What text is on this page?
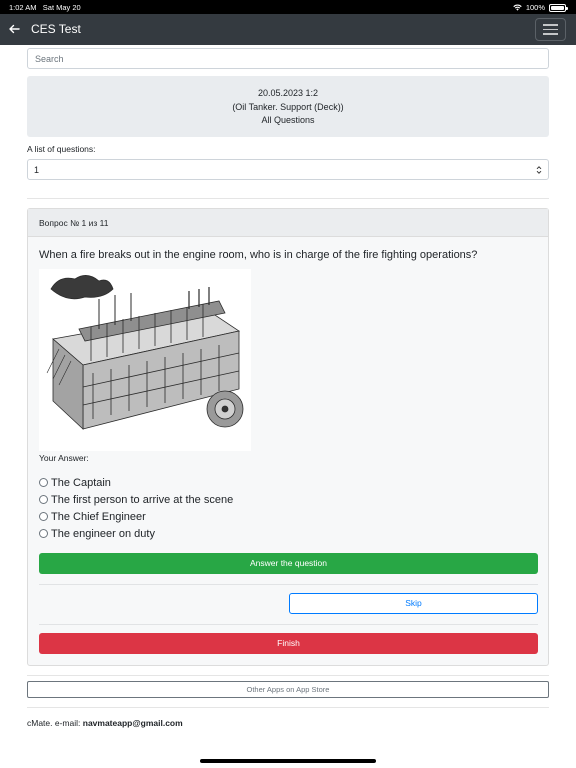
1:02 AM Sat May 20	100%
CES Test
Search
20.05.2023 1:2
(Oil Tanker. Support (Deck))
All Questions
A list of questions:
1
Вопрос № 1 из 11
When a fire breaks out in the engine room, who is in charge of the fire fighting operations?
Your Answer:
The Captain
The first person to arrive at the scene
The Chief Engineer
The engineer on duty
Answer the question
Skip
Finish
Other Apps on App Store
cMate. e-mail: navmateapp@gmail.com
